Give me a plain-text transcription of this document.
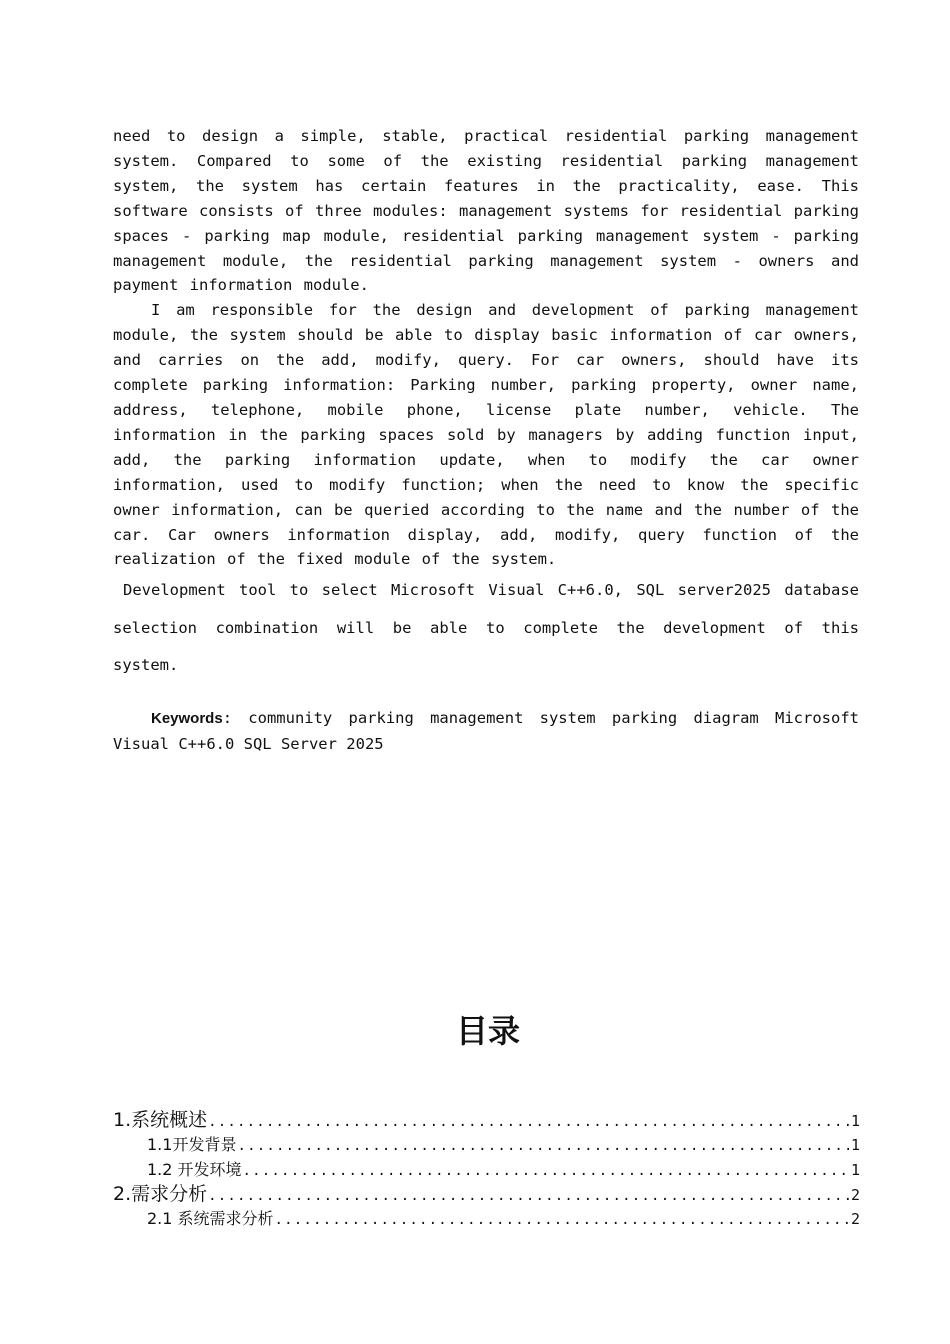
need to design a simple, stable, practical residential parking management system. Compared to some of the existing residential parking management system, the system has certain features in the practicality, ease. This software consists of three modules: management systems for residential parking spaces - parking map module, residential parking management system - parking management module, the residential parking management system - owners and payment information module.

I am responsible for the design and development of parking management module, the system should be able to display basic information of car owners, and carries on the add, modify, query. For car owners, should have its complete parking information: Parking number, parking property, owner name, address, telephone, mobile phone, license plate number, vehicle. The information in the parking spaces sold by managers by adding function input, add, the parking information update, when to modify the car owner information, used to modify function; when the need to know the specific owner information, can be queried according to the name and the number of the car. Car owners information display, add, modify, query function of the realization of the fixed module of the system.

Development tool to select Microsoft Visual C++6.0, SQL server2025 database selection combination will be able to complete the development of this system.

Keywords: community parking management system parking diagram Microsoft Visual C++6.0 SQL Server 2025
目录
1.系统概述 .....	1
1.1开发背景 .....	1
1.2 开发环境 .....	1
2.需求分析 .....	2
2.1 系统需求分析 .....	2
